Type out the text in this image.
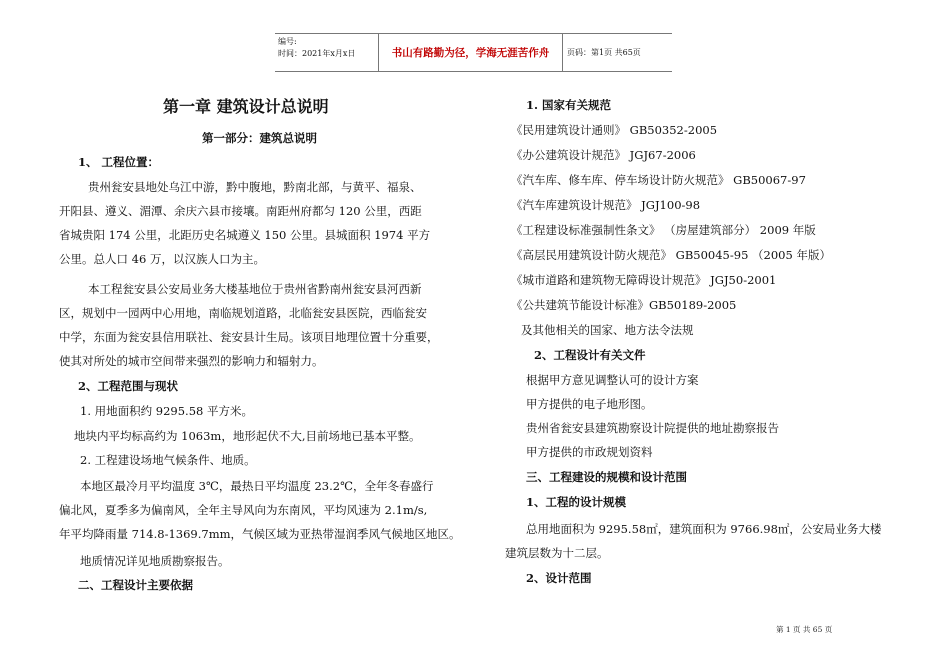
编号:
时间：2021年x月x日	书山有路勤为径，学海无涯苦作舟	页码：第1页 共65页
第一章 建筑设计总说明
第一部分：建筑总说明
1、 工程位置：
贵州瓮安县地处乌江中游，黔中腹地，黔南北部，与黄平、福泉、
开阳县、遵义、湄潭、余庆六县市接壤。南距州府都匀 120 公里，西距
省城贵阳 174 公里，北距历史名城遵义 150 公里。县城面积 1974 平方
公里。总人口 46 万，以汉族人口为主。
本工程瓮安县公安局业务大楼基地位于贵州省黔南州瓮安县河西新
区，规划中一园两中心用地，南临规划道路，北临瓮安县医院，西临瓮安
中学，东面为瓮安县信用联社、瓮安县计生局。该项目地理位置十分重要，
使其对所处的城市空间带来强烈的影响力和辐射力。
2、工程范围与现状
1. 用地面积约 9295.58 平方米。
地块内平均标高约为 1063m，地形起伏不大,目前场地已基本平整。
2. 工程建设场地气候条件、地质。
本地区最冷月平均温度 3℃，最热日平均温度 23.2℃，全年冬春盛行
偏北风，夏季多为偏南风，全年主导风向为东南风，平均风速为 2.1m/s,
年平均降雨量 714.8-1369.7mm，气候区域为亚热带湿润季风气候地区地区。
地质情况详见地质勘察报告。
二、工程设计主要依据
1. 国家有关规范
《民用建筑设计通则》 GB50352-2005
《办公建筑设计规范》 JGJ67-2006
《汽车库、修车库、停车场设计防火规范》 GB50067-97
《汽车库建筑设计规范》 JGJ100-98
《工程建设标准强制性条文》 （房屋建筑部分） 2009 年版
《高层民用建筑设计防火规范》 GB50045-95 （2005 年版）
《城市道路和建筑物无障碍设计规范》 JGJ50-2001
《公共建筑节能设计标准》GB50189-2005
及其他相关的国家、地方法令法规
2、工程设计有关文件
根据甲方意见调整认可的设计方案
甲方提供的电子地形图。
贵州省瓮安县建筑勘察设计院提供的地址勘察报告
甲方提供的市政规划资料
三、工程建设的规模和设计范围
1、工程的设计规模
总用地面积为 9295.58㎡，建筑面积为 9766.98㎡，公安局业务大楼
建筑层数为十二层。
2、设计范围
第 1 页 共 65 页
